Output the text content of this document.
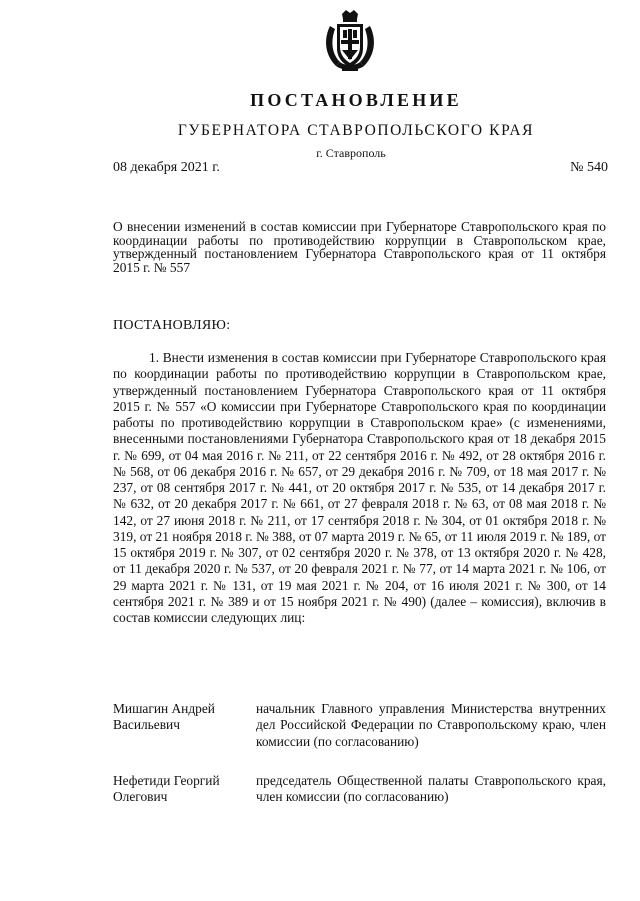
ПОСТАНОВЛЕНИЕ
ГУБЕРНАТОРА СТАВРОПОЛЬСКОГО КРАЯ
г. Ставрополь
08 декабря 2021 г.	№ 540
О внесении изменений в состав комиссии при Губернаторе Ставропольского края по координации работы по противодействию коррупции в Ставропольском крае, утвержденный постановлением Губернатора Ставропольского края от 11 октября 2015 г. № 557
ПОСТАНОВЛЯЮ:
1. Внести изменения в состав комиссии при Губернаторе Ставропольского края по координации работы по противодействию коррупции в Ставропольском крае, утвержденный постановлением Губернатора Ставропольского края от 11 октября 2015 г. № 557 «О комиссии при Губернаторе Ставропольского края по координации работы по противодействию коррупции в Ставропольском крае» (с изменениями, внесенными постановлениями Губернатора Ставропольского края от 18 декабря 2015 г. № 699, от 04 мая 2016 г. № 211, от 22 сентября 2016 г. № 492, от 28 октября 2016 г. № 568, от 06 декабря 2016 г. № 657, от 29 декабря 2016 г. № 709, от 18 мая 2017 г. № 237, от 08 сентября 2017 г. № 441, от 20 октября 2017 г. № 535, от 14 декабря 2017 г. № 632, от 20 декабря 2017 г. № 661, от 27 февраля 2018 г. № 63, от 08 мая 2018 г. № 142, от 27 июня 2018 г. № 211, от 17 сентября 2018 г. № 304, от 01 октября 2018 г. № 319, от 21 ноября 2018 г. № 388, от 07 марта 2019 г. № 65, от 11 июля 2019 г. № 189, от 15 октября 2019 г. № 307, от 02 сентября 2020 г. № 378, от 13 октября 2020 г. № 428, от 11 декабря 2020 г. № 537, от 20 февраля 2021 г. № 77, от 14 марта 2021 г. № 106, от 29 марта 2021 г. № 131, от 19 мая 2021 г. № 204, от 16 июля 2021 г. № 300, от 14 сентября 2021 г. № 389 и от 15 ноября 2021 г. № 490) (далее – комиссия), включив в состав комиссии следующих лиц:
Мишагин Андрей
Васильевич
начальник Главного управления Министерства внутренних дел Российской Федерации по Ставропольскому краю, член комиссии (по согласованию)
Нефетиди Георгий
Олегович
председатель Общественной палаты Ставропольского края, член комиссии (по согласованию)
